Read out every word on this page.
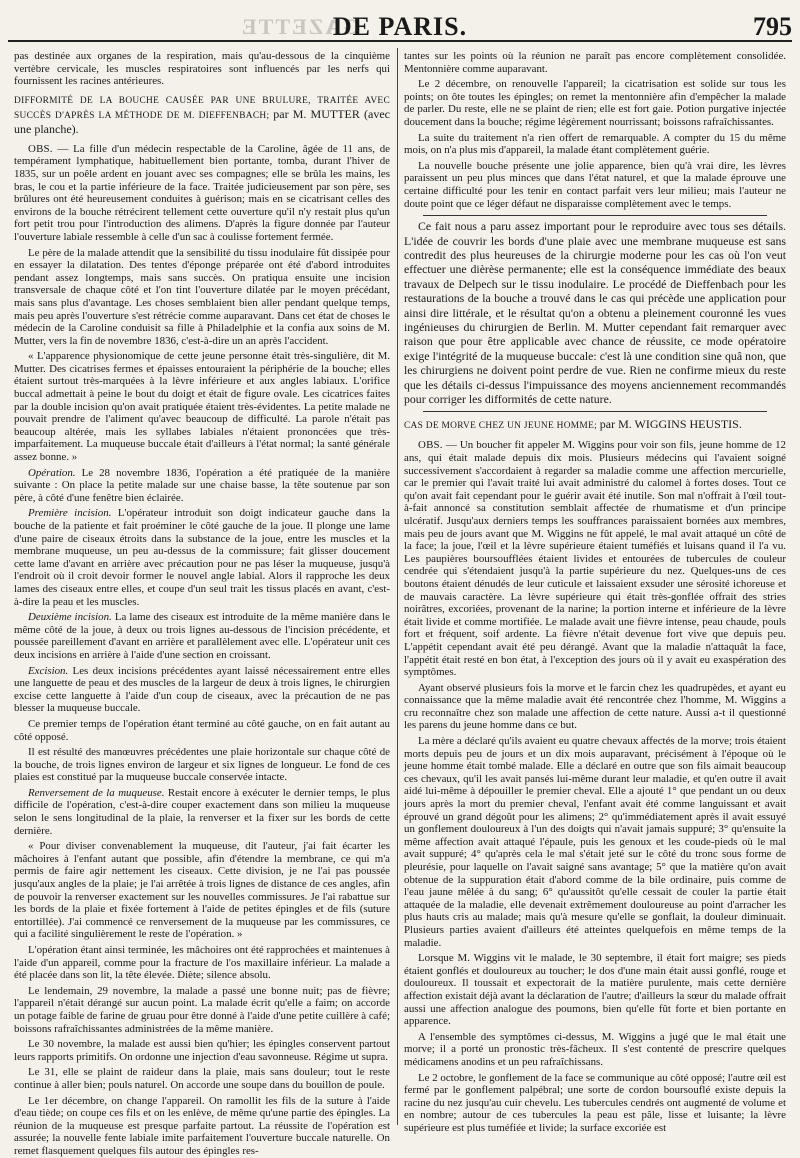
GAZETTE
DE PARIS.	795

pas destinée aux organes de la respiration, mais qu'au-dessous de la cinquième vertèbre cervicale, les muscles respiratoires sont influencés par les nerfs qui fournissent les racines antérieures.

DIFFORMITÉ DE LA BOUCHE CAUSÉE PAR UNE BRULURE, TRAITÉE AVEC SUCCÈS D'APRÈS LA MÉTHODE DE M. DIEFFENBACH; par M. MUTTER (avec une planche).

OBS. — La fille d'un médecin respectable de la Caroline, âgée de 11 ans, de tempérament lymphatique, habituellement bien portante, tomba, durant l'hiver de 1835, sur un poêle ardent en jouant avec ses compagnes; elle se brûla les mains, les bras, le cou et la partie inférieure de la face. Traitée judicieusement par son père, ses brûlures ont été heureusement conduites à guérison; mais en se cicatrisant celles des environs de la bouche rétrécirent tellement cette ouverture qu'il n'y restait plus qu'un fort petit trou pour l'introduction des alimens. D'après la figure donnée par l'auteur l'ouverture labiale ressemble à celle d'un sac à coulisse fortement fermée.

Le père de la malade attendit que la sensibilité du tissu inodulaire fût dissipée pour en essayer la dilatation. Des tentes d'éponge préparée ont été d'abord introduites pendant assez longtemps, mais sans succès. On pratiqua ensuite une incision transversale de chaque côté et l'on tint l'ouverture dilatée par le moyen précédant, mais sans plus d'avantage. Les choses semblaient bien aller pendant quelque temps, mais peu après l'ouverture s'est rétrécie comme auparavant. Dans cet état de choses le médecin de la Caroline conduisit sa fille à Philadelphie et la confia aux soins de M. Mutter, vers la fin de novembre 1836, c'est-à-dire un an après l'accident.

« L'apparence physionomique de cette jeune personne était très-singulière, dit M. Mutter. Des cicatrises fermes et épaisses entouraient la périphérie de la bouche; elles étaient surtout très-marquées à la lèvre inférieure et aux angles labiaux. L'orifice buccal admettait à peine le bout du doigt et était de figure ovale. Les cicatrices faites par la double incision qu'on avait pratiquée étaient très-évidentes. La petite malade ne pouvait prendre de l'aliment qu'avec beaucoup de difficulté. La parole n'était pas beaucoup altérée, mais les syllabes labiales n'étaient prononcées que très-imparfaitement. La muqueuse buccale était d'ailleurs à l'état normal; la santé générale assez bonne. »

Opération. Le 28 novembre 1836, l'opération a été pratiquée de la manière suivante : On place la petite malade sur une chaise basse, la tête soutenue par son père, à côté d'une fenêtre bien éclairée.

Première incision. L'opérateur introduit son doigt indicateur gauche dans la bouche de la patiente et fait proéminer le côté gauche de la joue. Il plonge une lame d'une paire de ciseaux étroits dans la substance de la joue, entre les muscles et la membrane muqueuse, un peu au-dessus de la commissure; fait glisser doucement cette lame d'avant en arrière avec précaution pour ne pas léser la muqueuse, jusqu'à l'endroit où il croit devoir former le nouvel angle labial. Alors il rapproche les deux lames des ciseaux entre elles, et coupe d'un seul trait les tissus placés en avant, c'est-à-dire la peau et les muscles.

Deuxième incision. La lame des ciseaux est introduite de la même manière dans le même côté de la joue, à deux ou trois lignes au-dessous de l'incision précédente, et poussée pareillement d'avant en arrière et parallèlement avec elle. L'opérateur unit ces deux incisions en arrière à l'aide d'une section en croissant.

Excision. Les deux incisions précédentes ayant laissé nécessairement entre elles une languette de peau et des muscles de la largeur de deux à trois lignes, le chirurgien excise cette languette à l'aide d'un coup de ciseaux, avec la précaution de ne pas blesser la muqueuse buccale.

Ce premier temps de l'opération étant terminé au côté gauche, on en fait autant au côté opposé.

Il est résulté des manœuvres précédentes une plaie horizontale sur chaque côté de la bouche, de trois lignes environ de largeur et six lignes de longueur. Le fond de ces plaies est constitué par la muqueuse buccale conservée intacte.

Renversement de la muqueuse. Restait encore à exécuter le dernier temps, le plus difficile de l'opération, c'est-à-dire couper exactement dans son milieu la muqueuse selon le sens longitudinal de la plaie, la renverser et la fixer sur les bords de cette dernière.

« Pour diviser convenablement la muqueuse, dit l'auteur, j'ai fait écarter les mâchoires à l'enfant autant que possible, afin d'étendre la membrane, ce qui m'a permis de faire agir nettement les ciseaux. Cette division, je ne l'ai pas poussée jusqu'aux angles de la plaie; je l'ai arrêtée à trois lignes de distance de ces angles, afin de pouvoir la renverser exactement sur les nouvelles commissures. Je l'ai rabattue sur les bords de la plaie et fixée fortement à l'aide de petites épingles et de fils (suture entortillée). J'ai commencé ce renversement de la muqueuse par les commissures, ce qui a facilité singulièrement le reste de l'opération. »

L'opération étant ainsi terminée, les mâchoires ont été rapprochées et maintenues à l'aide d'un appareil, comme pour la fracture de l'os maxillaire inférieur. La malade a été placée dans son lit, la tête élevée. Diète; silence absolu.

Le lendemain, 29 novembre, la malade a passé une bonne nuit; pas de fièvre; l'appareil n'était dérangé sur aucun point. La malade écrit qu'elle a faim; on accorde un potage faible de farine de gruau pour être donné à l'aide d'une petite cuillère à café; boissons rafraîchissantes administrées de la même manière.

Le 30 novembre, la malade est aussi bien qu'hier; les épingles conservent partout leurs rapports primitifs. On ordonne une injection d'eau savonneuse. Régime ut supra.

Le 31, elle se plaint de raideur dans la plaie, mais sans douleur; tout le reste continue à aller bien; pouls naturel. On accorde une soupe dans du bouillon de poule.

Le 1er décembre, on change l'appareil. On ramollit les fils de la suture à l'aide d'eau tiède; on coupe ces fils et on les enlève, de même qu'une partie des épingles. La réunion de la muqueuse est presque parfaite partout. La réussite de l'opération est assurée; la nouvelle fente labiale imite parfaitement l'ouverture buccale naturelle. On remet flasquement quelques fils autour des épingles res-

tantes sur les points où la réunion ne paraît pas encore complètement consolidée. Mentonnière comme auparavant.

Le 2 décembre, on renouvelle l'appareil; la cicatrisation est solide sur tous les points; on ôte toutes les épingles; on remet la mentonnière afin d'empêcher la malade de parler. Du reste, elle ne se plaint de rien; elle est fort gaie. Potion purgative injectée doucement dans la bouche; régime légèrement nourrissant; boissons rafraîchissantes.

La suite du traitement n'a rien offert de remarquable. A compter du 15 du même mois, on n'a plus mis d'appareil, la malade étant complètement guérie.

La nouvelle bouche présente une jolie apparence, bien qu'à vrai dire, les lèvres paraissent un peu plus minces que dans l'état naturel, et que la malade éprouve une certaine difficulté pour les tenir en contact parfait vers leur milieu; mais l'auteur ne doute point que ce léger défaut ne disparaisse complètement avec le temps.

Ce fait nous a paru assez important pour le reproduire avec tous ses détails. L'idée de couvrir les bords d'une plaie avec une membrane muqueuse est sans contredit des plus heureuses de la chirurgie moderne pour les cas où l'on veut effectuer une dièrèse permanente; elle est la conséquence immédiate des beaux travaux de Delpech sur le tissu inodulaire. Le procédé de Dieffenbach pour les restaurations de la bouche a trouvé dans le cas qui précède une application pour ainsi dire littérale, et le résultat qu'on a obtenu a pleinement couronné les vues ingénieuses du chirurgien de Berlin. M. Mutter cependant fait remarquer avec raison que pour être applicable avec chance de réussite, ce mode opératoire exige l'intégrité de la muqueuse buccale: c'est là une condition sine quâ non, que les chirurgiens ne doivent point perdre de vue. Rien ne confirme mieux du reste que les détails ci-dessus l'impuissance des moyens anciennement recommandés pour corriger les difformités de cette nature.

CAS DE MORVE CHEZ UN JEUNE HOMME; par M. WIGGINS HEUSTIS.

OBS. — Un boucher fit appeler M. Wiggins pour voir son fils, jeune homme de 12 ans, qui était malade depuis dix mois. Plusieurs médecins qui l'avaient soigné successivement s'accordaient à regarder sa maladie comme une affection mercurielle, car le premier qui l'avait traité lui avait administré du calomel à fortes doses. Tout ce qu'on avait fait cependant pour le guérir avait été inutile. Son mal n'offrait à l'œil tout-à-fait annoncé sa constitution semblait affectée de rhumatisme et d'un principe ulcératif. Jusqu'aux derniers temps les souffrances paraissaient bornées aux membres, mais peu de jours avant que M. Wiggins ne fût appelé, le mal avait attaqué un côté de la face; la joue, l'œil et la lèvre supérieure étaient tuméfiés et luisans quand il l'a vu. Les paupières boursoufflées étaient livides et entourées de tubercules de couleur cendrée qui s'étendaient jusqu'à la partie supérieure du nez. Quelques-uns de ces boutons étaient dénudés de leur cuticule et laissaient exsuder une sérosité ichoreuse et de mauvais caractère. La lèvre supérieure qui était très-gonflée offrait des stries noirâtres, excoriées, provenant de la narine; la portion interne et inférieure de la lèvre était livide et comme mortifiée. Le malade avait une fièvre intense, peau chaude, pouls fort et fréquent, soif ardente. La fièvre n'était devenue fort vive que depuis peu. L'appétit cependant avait été peu dérangé. Avant que la maladie n'attaquât la face, l'appétit était resté en bon état, à l'exception des jours où il y avait eu exaspération des symptômes.

Ayant observé plusieurs fois la morve et le farcin chez les quadrupèdes, et ayant eu connaissance que la même maladie avait été rencontrée chez l'homme, M. Wiggins a cru reconnaître chez son malade une affection de cette nature. Aussi a-t il questionné les parens du jeune homme dans ce but.

La mère a déclaré qu'ils avaient eu quatre chevaux affectés de la morve; trois étaient morts depuis peu de jours et un dix mois auparavant, précisément à l'époque où le jeune homme était tombé malade. Elle a déclaré en outre que son fils aimait beaucoup ces chevaux, qu'il les avait pansés lui-même durant leur maladie, et qu'en outre il avait aidé lui-même à dépouiller le premier cheval. Elle a ajouté 1° que pendant un ou deux jours après la mort du premier cheval, l'enfant avait été comme languissant et avait éprouvé un grand dégoût pour les alimens; 2° qu'immédiatement après il avait essuyé un gonflement douloureux à l'un des doigts qui n'avait jamais suppuré; 3° qu'ensuite la même affection avait attaqué l'épaule, puis les genoux et les coude-pieds où le mal avait suppuré; 4° qu'après cela le mal s'était jeté sur le côté du tronc sous forme de pleurésie, pour laquelle on l'avait saigné sans avantage; 5° que la matière qu'on avait obtenue de la suppuration était d'abord comme de la bile ordinaire, puis comme de l'eau jaune mêlée à du sang; 6° qu'aussitôt qu'elle cessait de couler la partie était attaquée de la maladie, elle devenait extrêmement douloureuse au point d'arracher les plus hauts cris au malade; mais qu'à mesure qu'elle se gonflait, la douleur diminuait. Plusieurs parties avaient d'ailleurs été atteintes quelquefois en même temps de la maladie.

Lorsque M. Wiggins vit le malade, le 30 septembre, il était fort maigre; ses pieds étaient gonflés et douloureux au toucher; le dos d'une main était aussi gonflé, rouge et douloureux. Il toussait et expectorait de la matière purulente, mais cette dernière affection existait déjà avant la déclaration de l'autre; d'ailleurs la sœur du malade offrait aussi une affection analogue des poumons, bien qu'elle fût forte et bien portante en apparence.

A l'ensemble des symptômes ci-dessus, M. Wiggins a jugé que le mal était une morve; il a porté un pronostic très-fâcheux. Il s'est contenté de prescrire quelques médicamens anodins et un peu rafraîchissans.

Le 2 octobre, le gonflement de la face se communique au côté opposé; l'autre œil est fermé par le gonflement palpébral; une sorte de cordon boursouflé existe depuis la racine du nez jusqu'au cuir chevelu. Les tubercules cendrés ont augmenté de volume et en nombre; autour de ces tubercules la peau est pâle, lisse et luisante; la lèvre supérieure est plus tuméfiée et livide; la surface excoriée est
